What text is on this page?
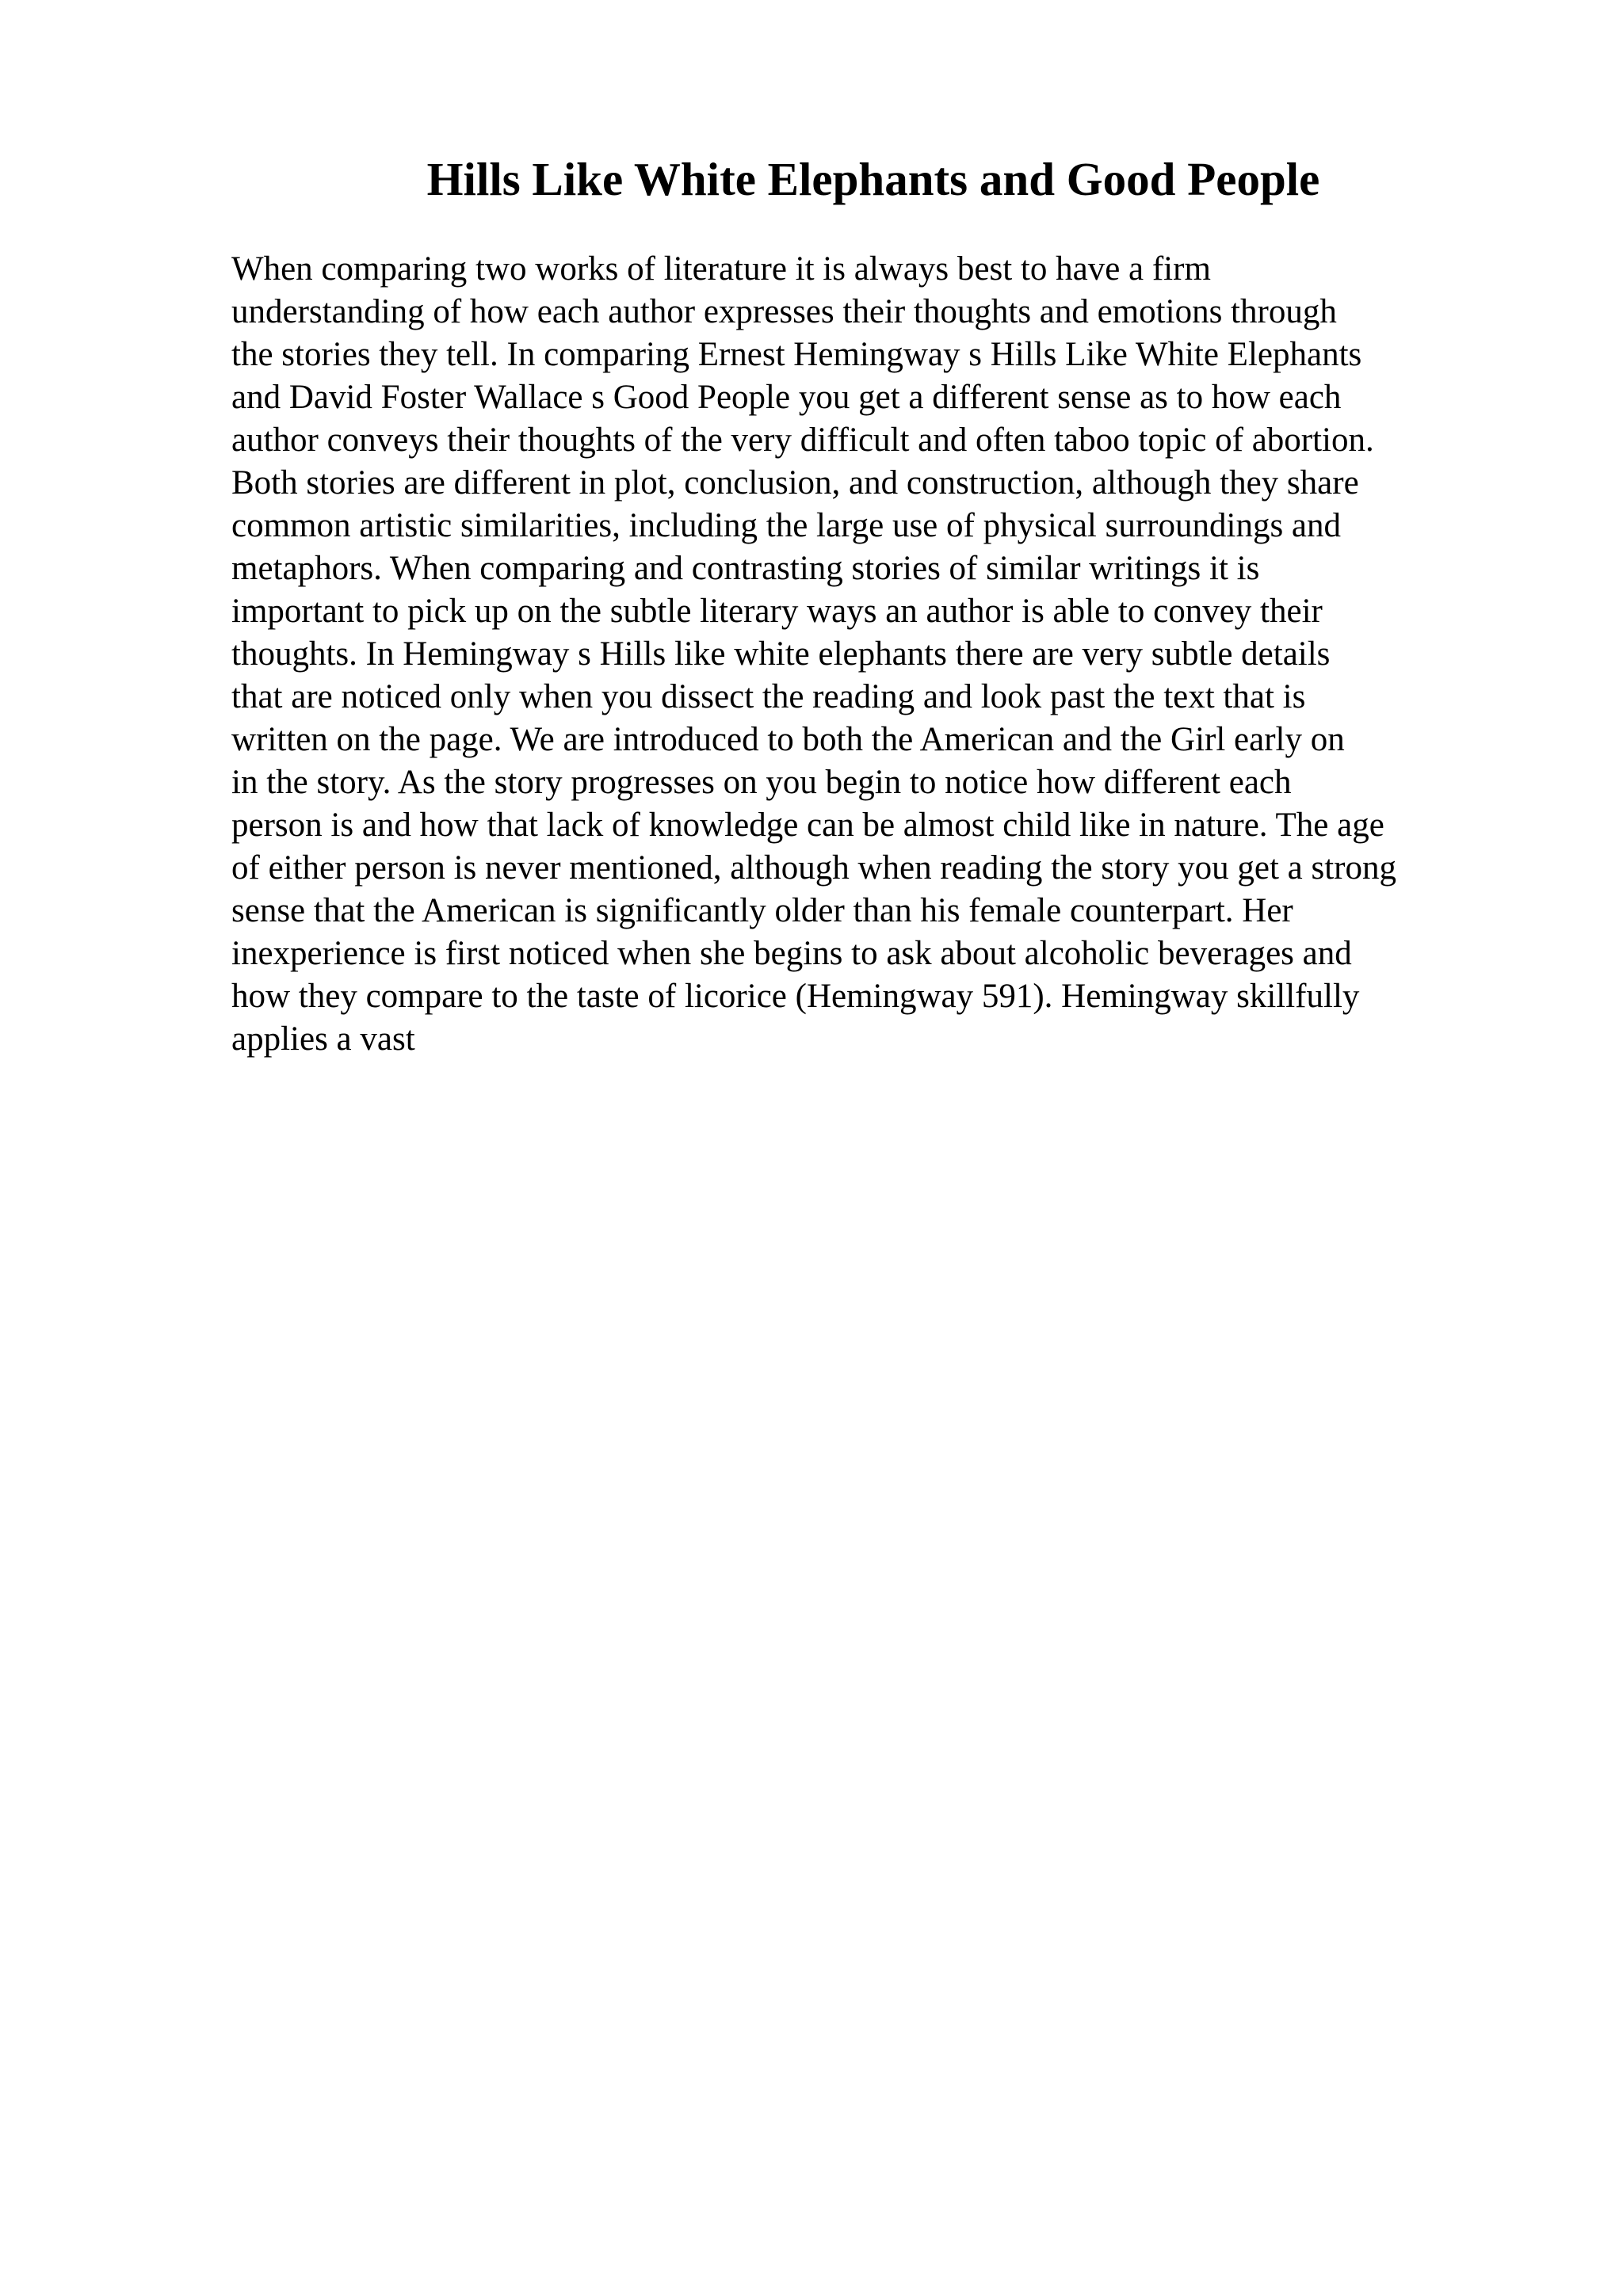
Hills Like White Elephants and Good People
When comparing two works of literature it is always best to have a firm
understanding of how each author expresses their thoughts and emotions through
the stories they tell. In comparing Ernest Hemingway s Hills Like White Elephants
and David Foster Wallace s Good People you get a different sense as to how each
author conveys their thoughts of the very difficult and often taboo topic of abortion.
Both stories are different in plot, conclusion, and construction, although they share
common artistic similarities, including the large use of physical surroundings and
metaphors. When comparing and contrasting stories of similar writings it is
important to pick up on the subtle literary ways an author is able to convey their
thoughts. In Hemingway s Hills like white elephants there are very subtle details
that are noticed only when you dissect the reading and look past the text that is
written on the page. We are introduced to both the American and the Girl early on
in the story. As the story progresses on you begin to notice how different each
person is and how that lack of knowledge can be almost child like in nature. The age
of either person is never mentioned, although when reading the story you get a strong
sense that the American is significantly older than his female counterpart. Her
inexperience is first noticed when she begins to ask about alcoholic beverages and
how they compare to the taste of licorice (Hemingway 591). Hemingway skillfully
applies a vast
